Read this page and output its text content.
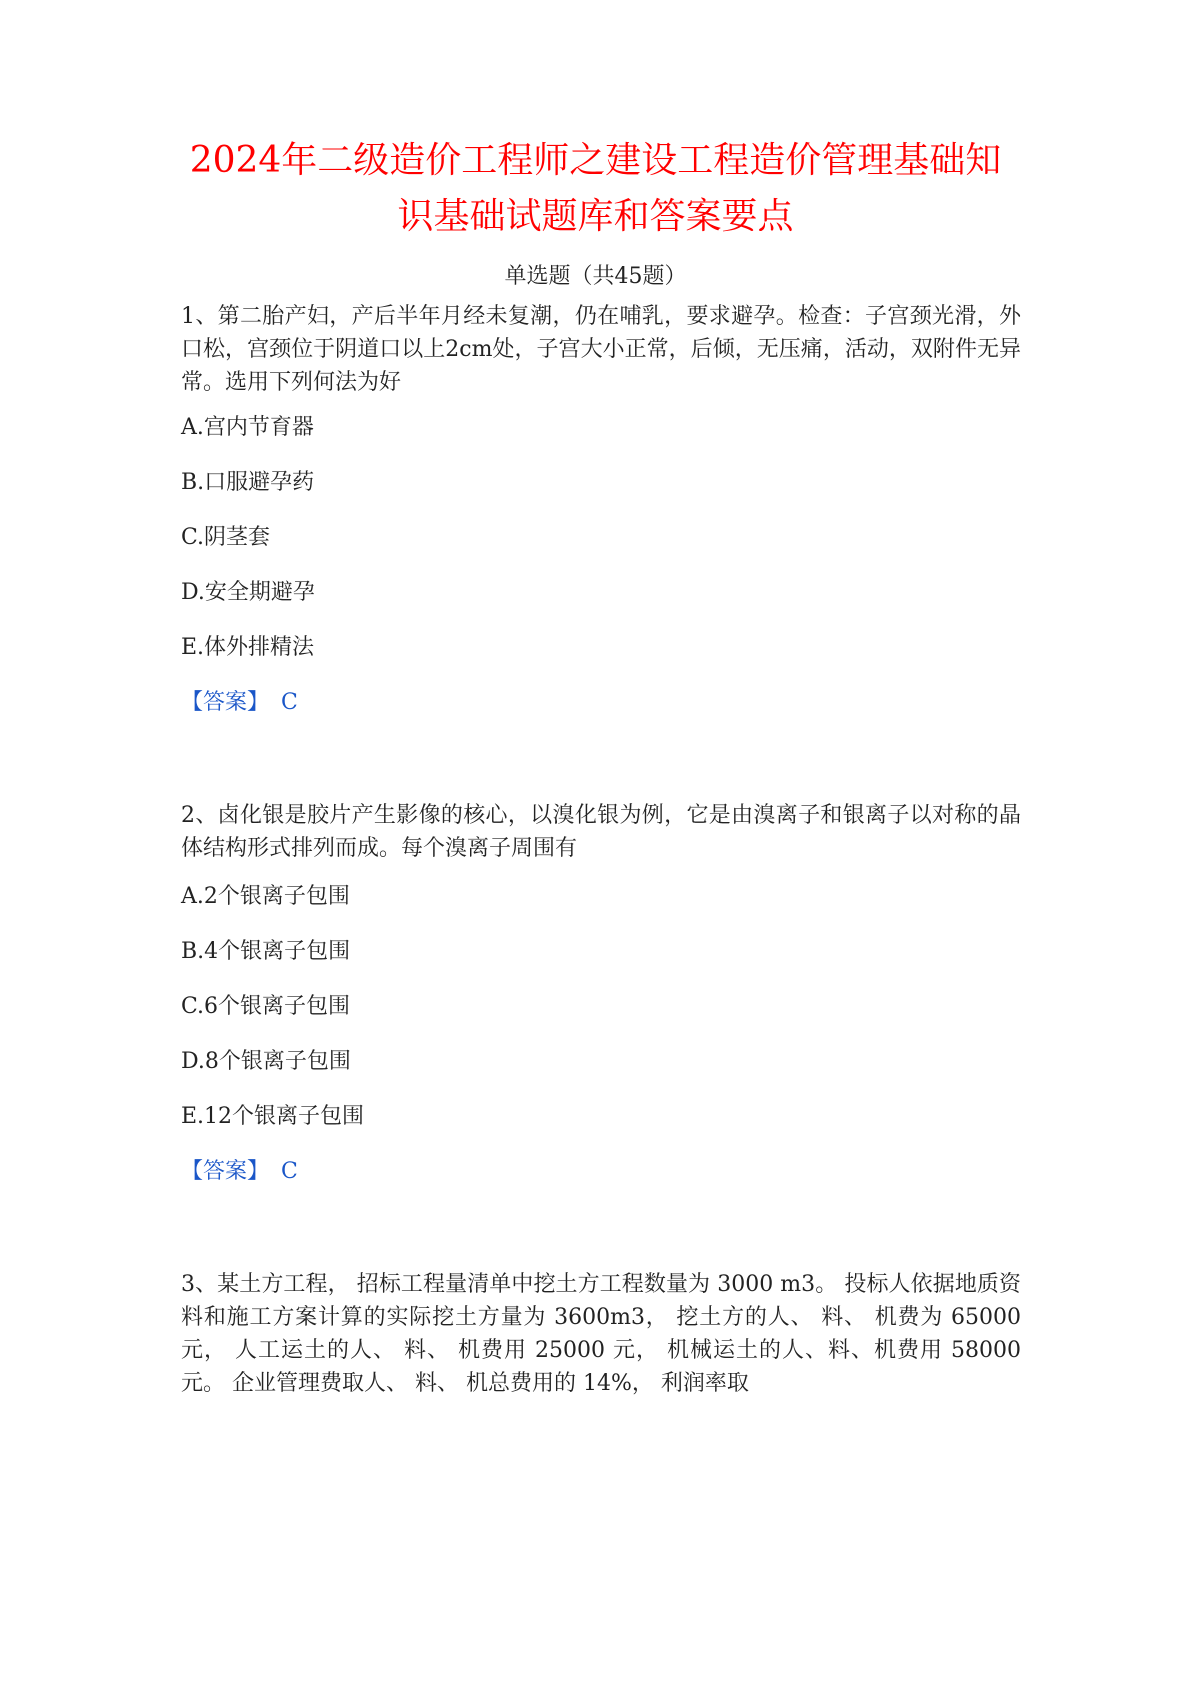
2024年二级造价工程师之建设工程造价管理基础知
识基础试题库和答案要点
单选题（共45题）
1、第二胎产妇，产后半年月经未复潮，仍在哺乳，要求避孕。检查：子宫颈光滑，外口松，宫颈位于阴道口以上2cm处，子宫大小正常，后倾，无压痛，活动，双附件无异常。选用下列何法为好
A.宫内节育器
B.口服避孕药
C.阴茎套
D.安全期避孕
E.体外排精法
【答案】 C
2、卤化银是胶片产生影像的核心，以溴化银为例，它是由溴离子和银离子以对称的晶体结构形式排列而成。每个溴离子周围有
A.2个银离子包围
B.4个银离子包围
C.6个银离子包围
D.8个银离子包围
E.12个银离子包围
【答案】 C
3、某土方工程， 招标工程量清单中挖土方工程数量为 3000 m3。 投标人依据地质资料和施工方案计算的实际挖土方量为 3600m3， 挖土方的人、 料、 机费为 65000 元， 人工运土的人、 料、 机费用 25000 元， 机械运土的人、料、机费用 58000 元。 企业管理费取人、 料、 机总费用的 14%， 利润率取
